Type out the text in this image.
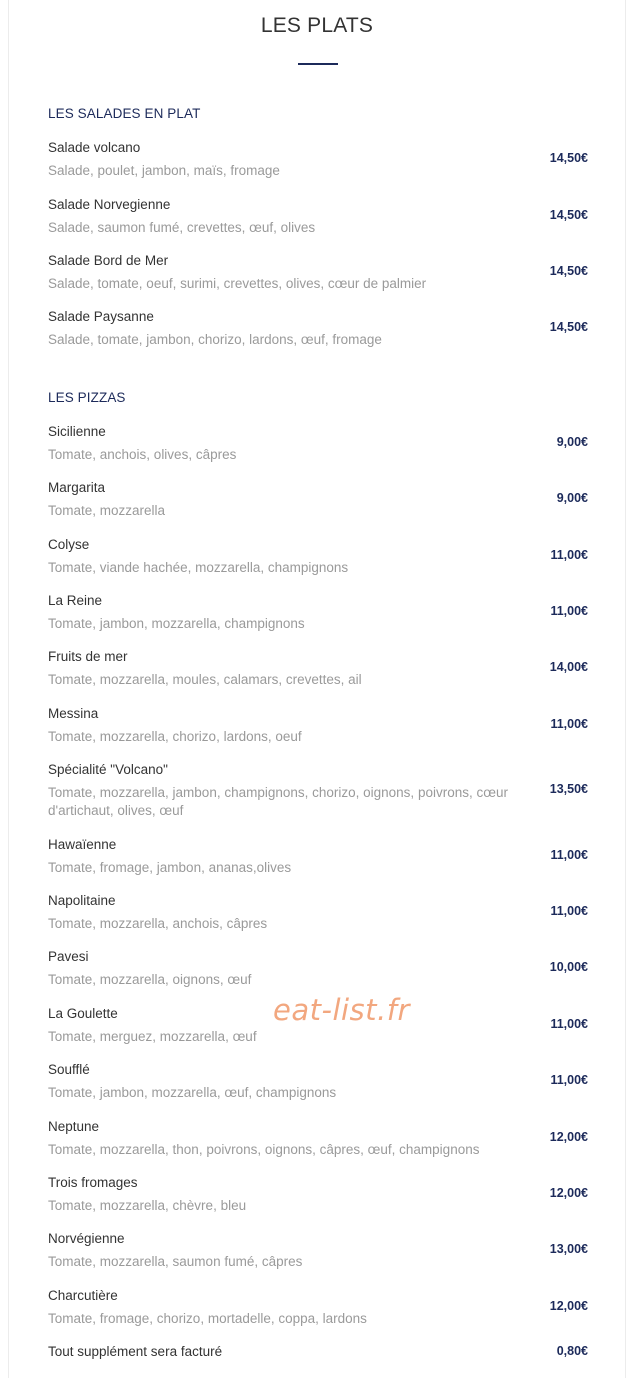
LES PLATS
LES SALADES EN PLAT
Salade volcano
Salade, poulet, jambon, maïs, fromage
14,50€
Salade Norvegienne
Salade, saumon fumé, crevettes, œuf, olives
14,50€
Salade Bord de Mer
Salade, tomate, oeuf, surimi, crevettes, olives, cœur de palmier
14,50€
Salade Paysanne
Salade, tomate, jambon, chorizo, lardons, œuf, fromage
14,50€
LES PIZZAS
Sicilienne
Tomate, anchois, olives, câpres
9,00€
Margarita
Tomate, mozzarella
9,00€
Colyse
Tomate, viande hachée, mozzarella, champignons
11,00€
La Reine
Tomate, jambon, mozzarella, champignons
11,00€
Fruits de mer
Tomate, mozzarella, moules, calamars, crevettes, ail
14,00€
Messina
Tomate, mozzarella, chorizo, lardons, oeuf
11,00€
Spécialité "Volcano"
Tomate, mozzarella, jambon, champignons, chorizo, oignons, poivrons, cœur d'artichaut, olives, œuf
13,50€
Hawaïenne
Tomate, fromage, jambon, ananas,olives
11,00€
Napolitaine
Tomate, mozzarella, anchois, câpres
11,00€
Pavesi
Tomate, mozzarella, oignons, œuf
10,00€
La Goulette
Tomate, merguez, mozzarella, œuf
11,00€
Soufflé
Tomate, jambon, mozzarella, œuf, champignons
11,00€
Neptune
Tomate, mozzarella, thon, poivrons, oignons, câpres, œuf, champignons
12,00€
Trois fromages
Tomate, mozzarella, chèvre, bleu
12,00€
Norvégienne
Tomate, mozzarella, saumon fumé, câpres
13,00€
Charcutière
Tomate, fromage, chorizo, mortadelle, coppa, lardons
12,00€
Tout supplément sera facturé	0,80€
eat-list.fr
